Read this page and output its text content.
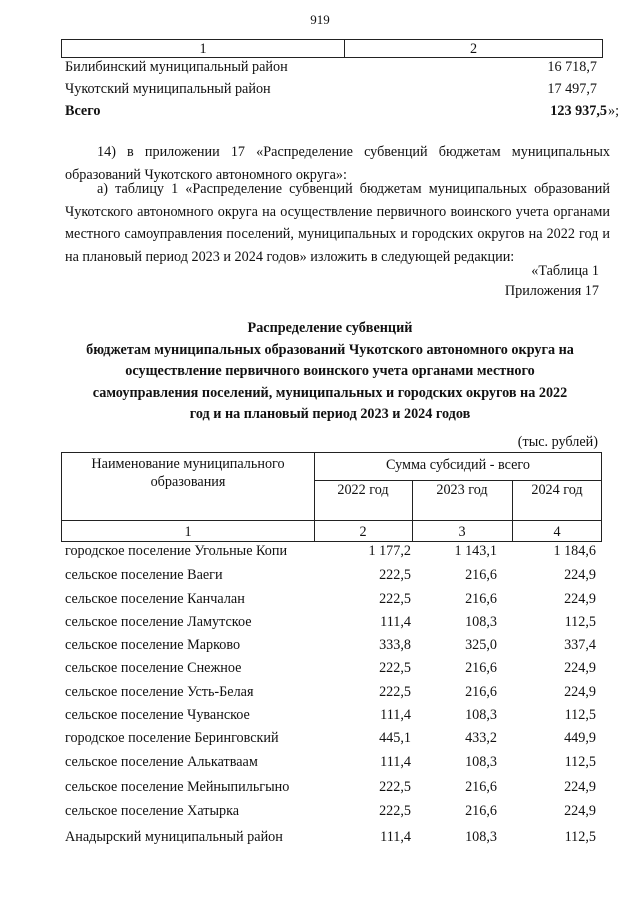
919
1	2
Билибинский муниципальный район	16 718,7
Чукотский муниципальный район	17 497,7
Всего	123 937,5 »;
14) в приложении 17 «Распределение субвенций бюджетам муниципальных образований Чукотского автономного округа»:
а) таблицу 1 «Распределение субвенций бюджетам муниципальных образований Чукотского автономного округа на осуществление первичного воинского учета органами местного самоуправления поселений, муниципальных и городских округов на 2022 год и на плановый период 2023 и 2024 годов» изложить в следующей редакции:
«Таблица 1
Приложения 17
Распределение субвенций
бюджетам муниципальных образований Чукотского автономного округа на
осуществление первичного воинского учета органами местного
самоуправления поселений, муниципальных и городских округов на 2022
год и на плановый период 2023 и 2024 годов
(тыс. рублей)
Наименование муниципального
образования
Сумма субсидий - всего
2022 год	2023 год	2024 год
1	2	3	4
городское поселение Угольные Копи	1 177,2	1 143,1	1 184,6
сельское поселение Ваеги	222,5	216,6	224,9
сельское поселение Канчалан	222,5	216,6	224,9
сельское поселение Ламутское	111,4	108,3	112,5
сельское поселение Марково	333,8	325,0	337,4
сельское поселение Снежное	222,5	216,6	224,9
сельское поселение Усть-Белая	222,5	216,6	224,9
сельское поселение Чуванское	111,4	108,3	112,5
городское поселение Беринговский	445,1	433,2	449,9
сельское поселение Алькатваам	111,4	108,3	112,5
сельское поселение Мейныпильгыно	222,5	216,6	224,9
сельское поселение Хатырка	222,5	216,6	224,9
Анадырский муниципальный район	111,4	108,3	112,5
